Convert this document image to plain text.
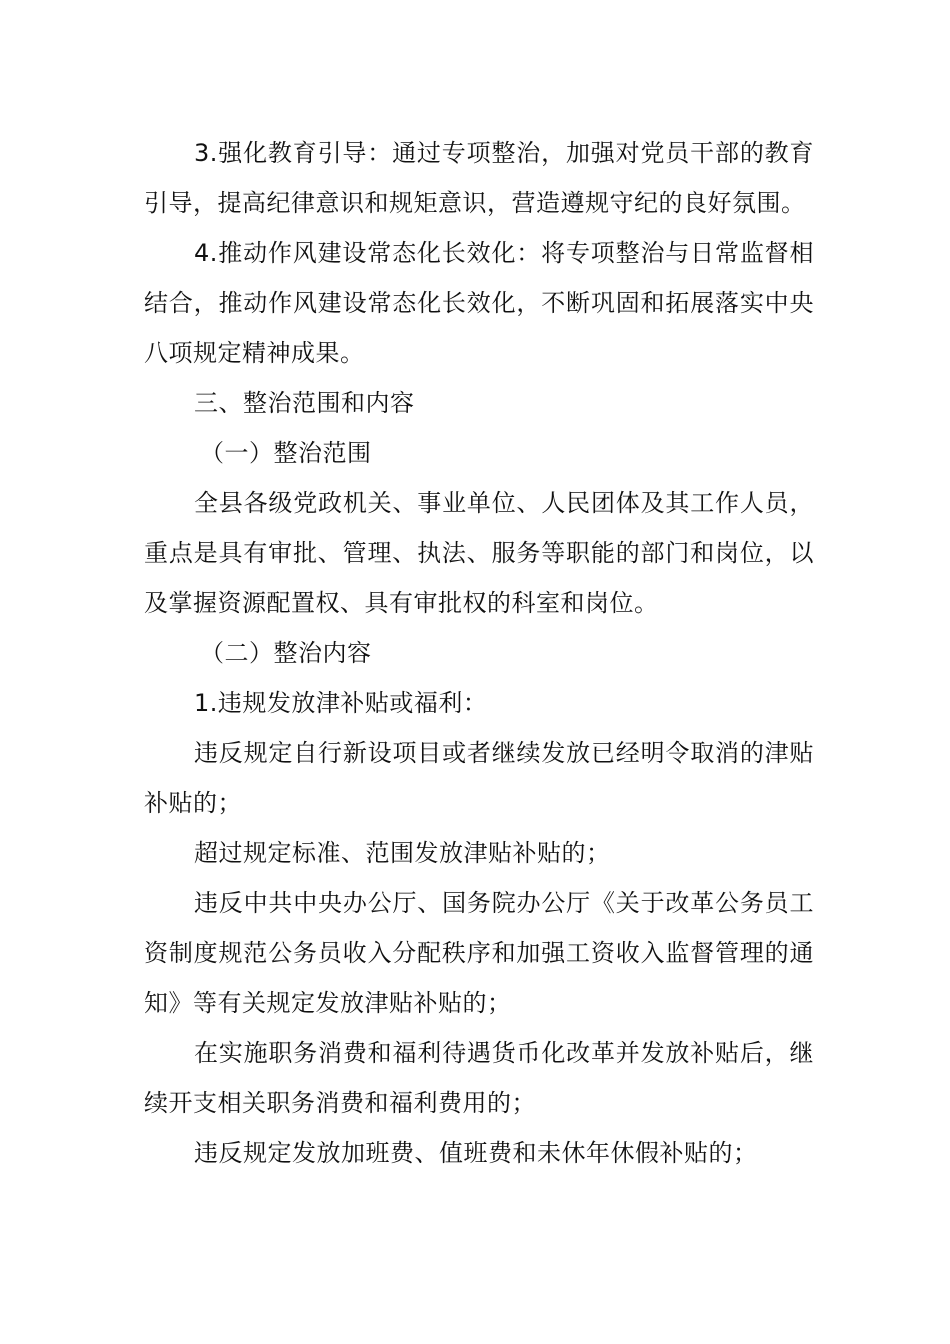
3.强化教育引导：通过专项整治，加强对党员干部的教育引导，提高纪律意识和规矩意识，营造遵规守纪的良好氛围。

4.推动作风建设常态化长效化：将专项整治与日常监督相结合，推动作风建设常态化长效化，不断巩固和拓展落实中央八项规定精神成果。

三、整治范围和内容

（一）整治范围

全县各级党政机关、事业单位、人民团体及其工作人员，重点是具有审批、管理、执法、服务等职能的部门和岗位，以及掌握资源配置权、具有审批权的科室和岗位。

（二）整治内容

1.违规发放津补贴或福利：

违反规定自行新设项目或者继续发放已经明令取消的津贴补贴的；

超过规定标准、范围发放津贴补贴的；

违反中共中央办公厅、国务院办公厅《关于改革公务员工资制度规范公务员收入分配秩序和加强工资收入监督管理的通知》等有关规定发放津贴补贴的；

在实施职务消费和福利待遇货币化改革并发放补贴后，继续开支相关职务消费和福利费用的；

违反规定发放加班费、值班费和未休年休假补贴的；
